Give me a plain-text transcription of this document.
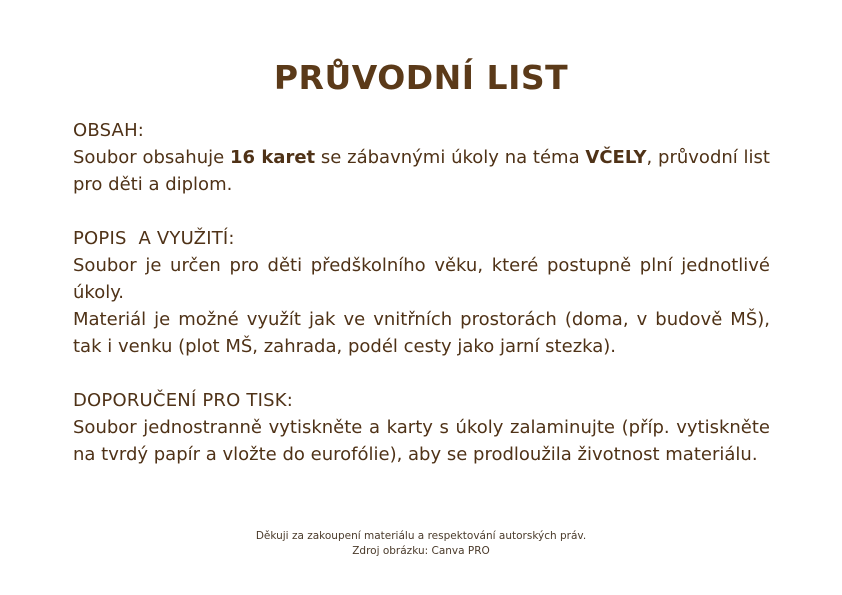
PRŮVODNÍ LIST
OBSAH:

Soubor obsahuje 16 karet se zábavnými úkoly na téma VČELY, průvodní list pro děti a diplom.

POPIS  A VYUŽITÍ:

Soubor je určen pro děti předškolního věku, které postupně plní jednotlivé úkoly.

Materiál je možné využít jak ve vnitřních prostorách (doma, v budově MŠ), tak i venku (plot MŠ, zahrada, podél cesty jako jarní stezka).

DOPORUČENÍ PRO TISK:

Soubor jednostranně vytiskněte a karty s úkoly zalaminujte (příp. vytiskněte na tvrdý papír a vložte do eurofólie), aby se prodloužila životnost materiálu.

Děkuji za zakoupení materiálu a respektování autorských práv.
Zdroj obrázku: Canva PRO
